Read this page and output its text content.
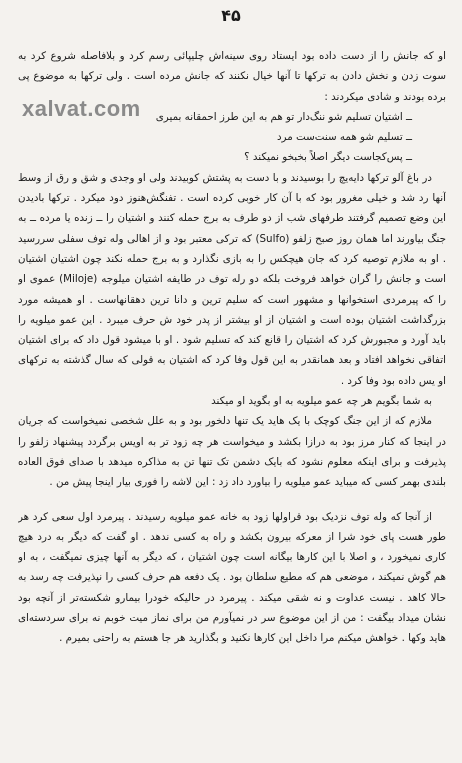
۴۵
xalvat.com

او که جانش را از دست داده بود ایستاد روی سینه‌اش چلیپائی رسم کرد و بلافاصله شروع کرد به سوت زدن و نخش دادن به ترکها تا آنها خیال نکنند که جانش مرده است . ولی ترکها به موضوع پی برده بودند و شادی میکردند :

ــ اشتیان تسلیم شو ننگ‌دار تو هم به این طرز احمقانه بمیری

ــ تسلیم شو همه سنت‌ست مرد

ــ پس‌کجاست دیگر اصلاً بخبخو نمیکند ؟

در باغ آلو ترکها دایه‌یچ را بوسیدند و با دست به پشتش کوبیدند ولی او وجدی و شق و رق از وسط آنها رد شد و خیلی مغرور بود که با آن کار خوبی کرده است . تفنگش‌هنوز دود میکرد . ترکها بادیدن این وضع تصمیم گرفتند طرفهای شب از دو طرف به برج حمله کنند و اشتیان را ــ زنده یا مرده ــ به جنگ بیاورند اما همان روز صبح زلفو (Sulfo) که ترکی معتبر بود و از اهالی وله توف سفلی سررسید . او به ملازم توصیه کرد که جان هیچکس را به بازی نگذارد و به برج حمله نکند چون اشتیان اشتیان است و جانش را گران خواهد فروخت بلکه دو رله توف در طایفه اشتیان میلوجه (Miloje) عموی او را که پیرمردی استخوانها و مشهور است که سلیم ترین و دانا ترین دهقانهاست . او همیشه مورد بزرگداشت اشتیان بوده است و اشتیان از او بیشتر از پدر خود ش حرف میبرد . این عمو میلویه را باید آورد و مجبورش کرد که اشتیان را قانع کند که تسلیم شود . او با میشود قول داد که برای اشتیان اتفاقی نخواهد افتاد و بعد همانقدر به این قول وفا کرد که اشتیان به قولی که سال گذشته به ترکهای او یس داده بود وفا کرد .

به شما بگویم هر چه عمو میلویه به او بگوید او میکند

ملازم که از این جنگ کوچک با یک هاید یک تنها دلخور بود و به علل شخصی نمیخواست که جریان در اینجا که کنار مرز بود به درازا بکشد و میخواست هر چه زود تر به اویس برگردد پیشنهاد زلفو را پذیرفت و برای اینکه معلوم نشود که بایک دشمن تک تنها تن به مذاکره میدهد با صدای فوق العاده بلندی بهمر کسی که میباید عمو میلویه را بیاورد داد زد : این لاشه را فوری بیار اینجا پیش من .

از آنجا که وله توف نزدیک بود قراولها زود به خانه عمو میلویه رسیدند . پیرمرد اول سعی کرد هر طور هست پای خود شرا از معرکه بیرون بکشد و راه به کسی ندهد . او گفت که دیگر به درد هیچ کاری نمیخورد ، و اصلا با این کارها بیگانه است چون اشتیان ، که دیگر به آنها چیزی نمیگفت ، به او هم گوش نمیکند ، موضعی هم که مطیع سلطان بود . یک دفعه هم حرف کسی را نپذیرفت چه رسد به حالا کاهد . نیست عداوت و نه شقی میکند . پیرمرد در حالیکه خودرا بیمارو شکسته‌تر از آنچه بود نشان میداد بیگفت : من از این موضوع سر در نمیآورم من برای نماز میت خوبم نه برای سردسته‌ای هاید وکها . خواهش میکنم مرا داخل این کارها نکنید و بگذارید هر جا هستم به راحتی بمیرم .
